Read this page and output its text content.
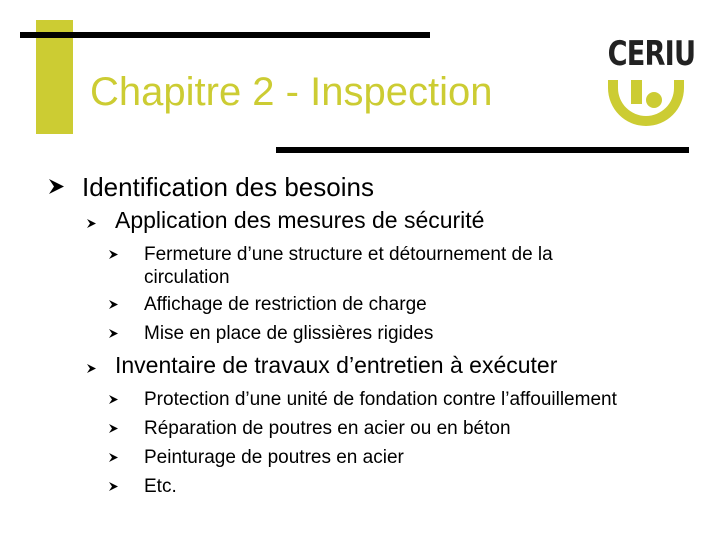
Chapitre 2 - Inspection
CERIU
Identification des besoins
Application des mesures de sécurité
Fermeture d’une structure et détournement de la circulation
Affichage de restriction de charge
Mise en place de glissières rigides
Inventaire de travaux d’entretien à exécuter
Protection d’une unité de fondation contre l’affouillement
Réparation de poutres en acier ou en béton
Peinturage de poutres en acier
Etc.
